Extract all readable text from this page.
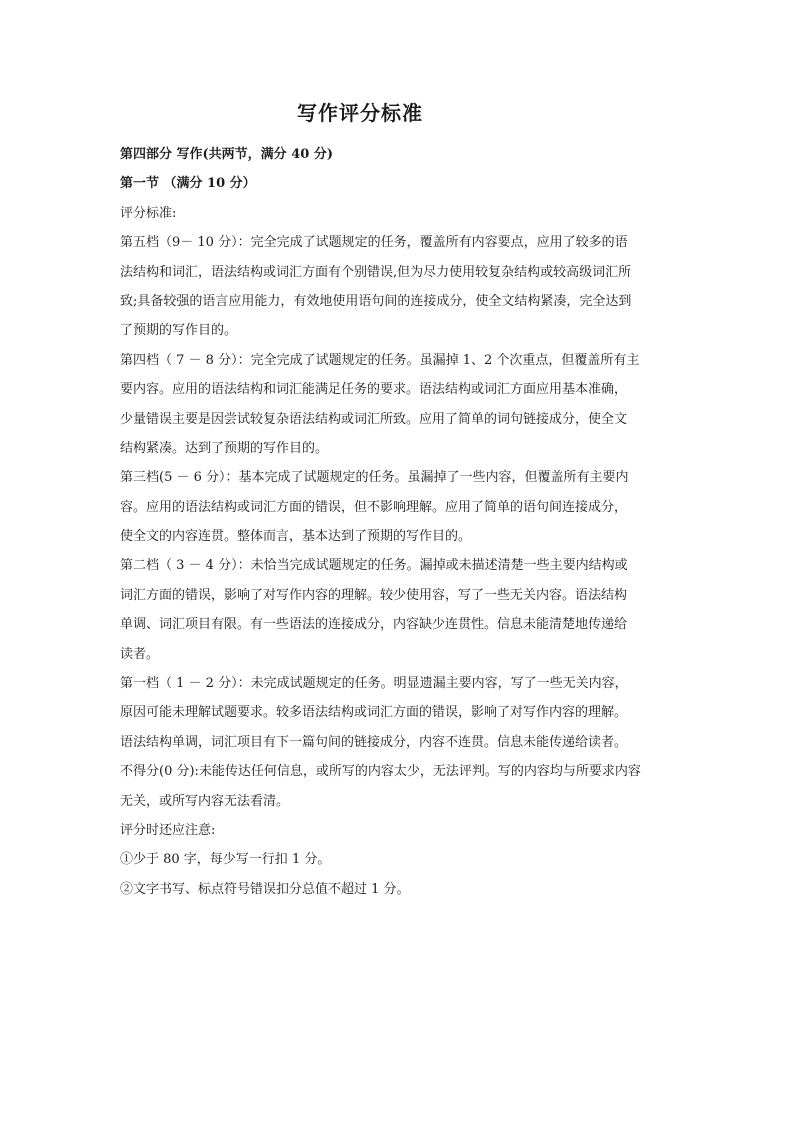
写作评分标准

第四部分 写作(共两节，满分 40 分)

第一节 （满分 10 分）

评分标准:

第五档（9－ 10 分）：完全完成了试题规定的任务，覆盖所有内容要点，应用了较多的语

法结构和词汇，语法结构或词汇方面有个别错误,但为尽力使用较复杂结构或较高级词汇所

致;具备较强的语言应用能力，有效地使用语句间的连接成分，使全文结构紧凑，完全达到

了预期的写作目的。

第四档（ 7 － 8 分）：完全完成了试题规定的任务。虽漏掉 1、2 个次重点，但覆盖所有主

要内容。应用的语法结构和词汇能满足任务的要求。语法结构或词汇方面应用基本准确，

少量错误主要是因尝试较复杂语法结构或词汇所致。应用了简单的词句链接成分，使全文

结构紧凑。达到了预期的写作目的。

第三档(5 － 6 分）：基本完成了试题规定的任务。虽漏掉了一些内容，但覆盖所有主要内

容。应用的语法结构或词汇方面的错误，但不影响理解。应用了简单的语句间连接成分，

使全文的内容连贯。整体而言，基本达到了预期的写作目的。

第二档（ 3 － 4 分）：未恰当完成试题规定的任务。漏掉或未描述清楚一些主要内结构或

词汇方面的错误，影响了对写作内容的理解。较少使用容，写了一些无关内容。语法结构

单调、词汇项目有限。有一些语法的连接成分，内容缺少连贯性。信息未能清楚地传递给

读者。

第一档（ 1 － 2 分）：未完成试题规定的任务。明显遗漏主要内容，写了一些无关内容，

原因可能未理解试题要求。较多语法结构或词汇方面的错误，影响了对写作内容的理解。

语法结构单调，词汇项目有下一篇句间的链接成分，内容不连贯。信息未能传递给读者。

不得分(0 分):未能传达任何信息，或所写的内容太少，无法评判。写的内容均与所要求内容

无关，或所写内容无法看清。

评分时还应注意:

①少于 80 字，每少写一行扣 1 分。

②文字书写、标点符号错误扣分总值不超过 1 分。
